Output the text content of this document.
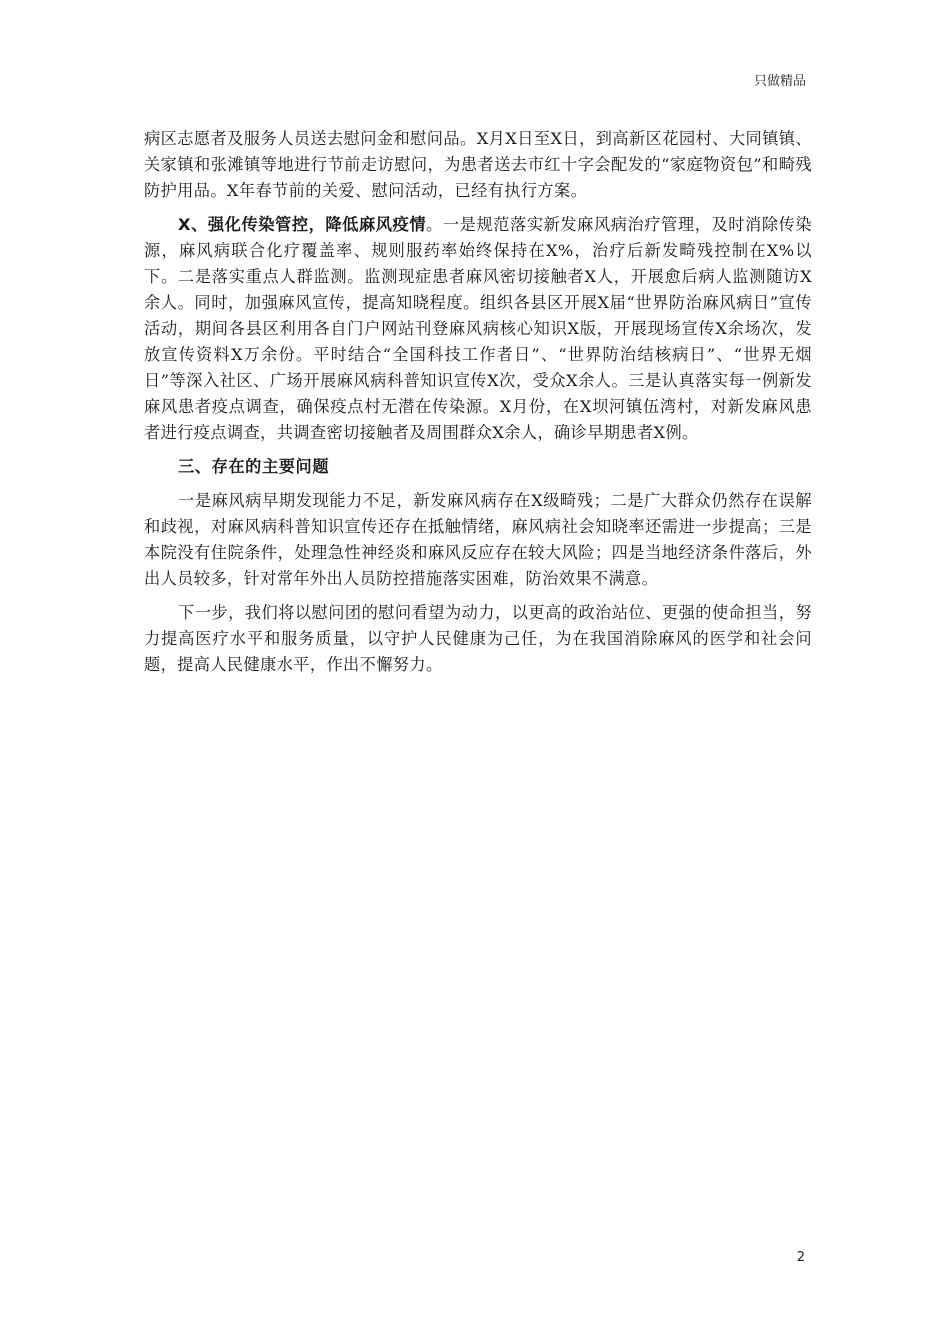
只做精品

病区志愿者及服务人员送去慰问金和慰问品。X月X日至X日，到高新区花园村、大同镇镇、关家镇和张滩镇等地进行节前走访慰问，为患者送去市红十字会配发的“家庭物资包”和畸残防护用品。X年春节前的关爱、慰问活动，已经有执行方案。

X、强化传染管控，降低麻风疫情。一是规范落实新发麻风病治疗管理，及时消除传染源，麻风病联合化疗覆盖率、规则服药率始终保持在X%，治疗后新发畸残控制在X%以下。二是落实重点人群监测。监测现症患者麻风密切接触者X人，开展愈后病人监测随访X余人。同时，加强麻风宣传，提高知晓程度。组织各县区开展X届“世界防治麻风病日”宣传活动，期间各县区利用各自门户网站刊登麻风病核心知识X版，开展现场宣传X余场次，发放宣传资料X万余份。平时结合“全国科技工作者日”、“世界防治结核病日”、“世界无烟日”等深入社区、广场开展麻风病科普知识宣传X次，受众X余人。三是认真落实每一例新发麻风患者疫点调查，确保疫点村无潜在传染源。X月份，在X坝河镇伍湾村，对新发麻风患者进行疫点调查，共调查密切接触者及周围群众X余人，确诊早期患者X例。

三、存在的主要问题

一是麻风病早期发现能力不足，新发麻风病存在X级畸残；二是广大群众仍然存在误解和歧视，对麻风病科普知识宣传还存在抵触情绪，麻风病社会知晓率还需进一步提高；三是本院没有住院条件，处理急性神经炎和麻风反应存在较大风险；四是当地经济条件落后，外出人员较多，针对常年外出人员防控措施落实困难，防治效果不满意。

下一步，我们将以慰问团的慰问看望为动力，以更高的政治站位、更强的使命担当，努力提高医疗水平和服务质量，以守护人民健康为己任，为在我国消除麻风的医学和社会问题，提高人民健康水平，作出不懈努力。

2
